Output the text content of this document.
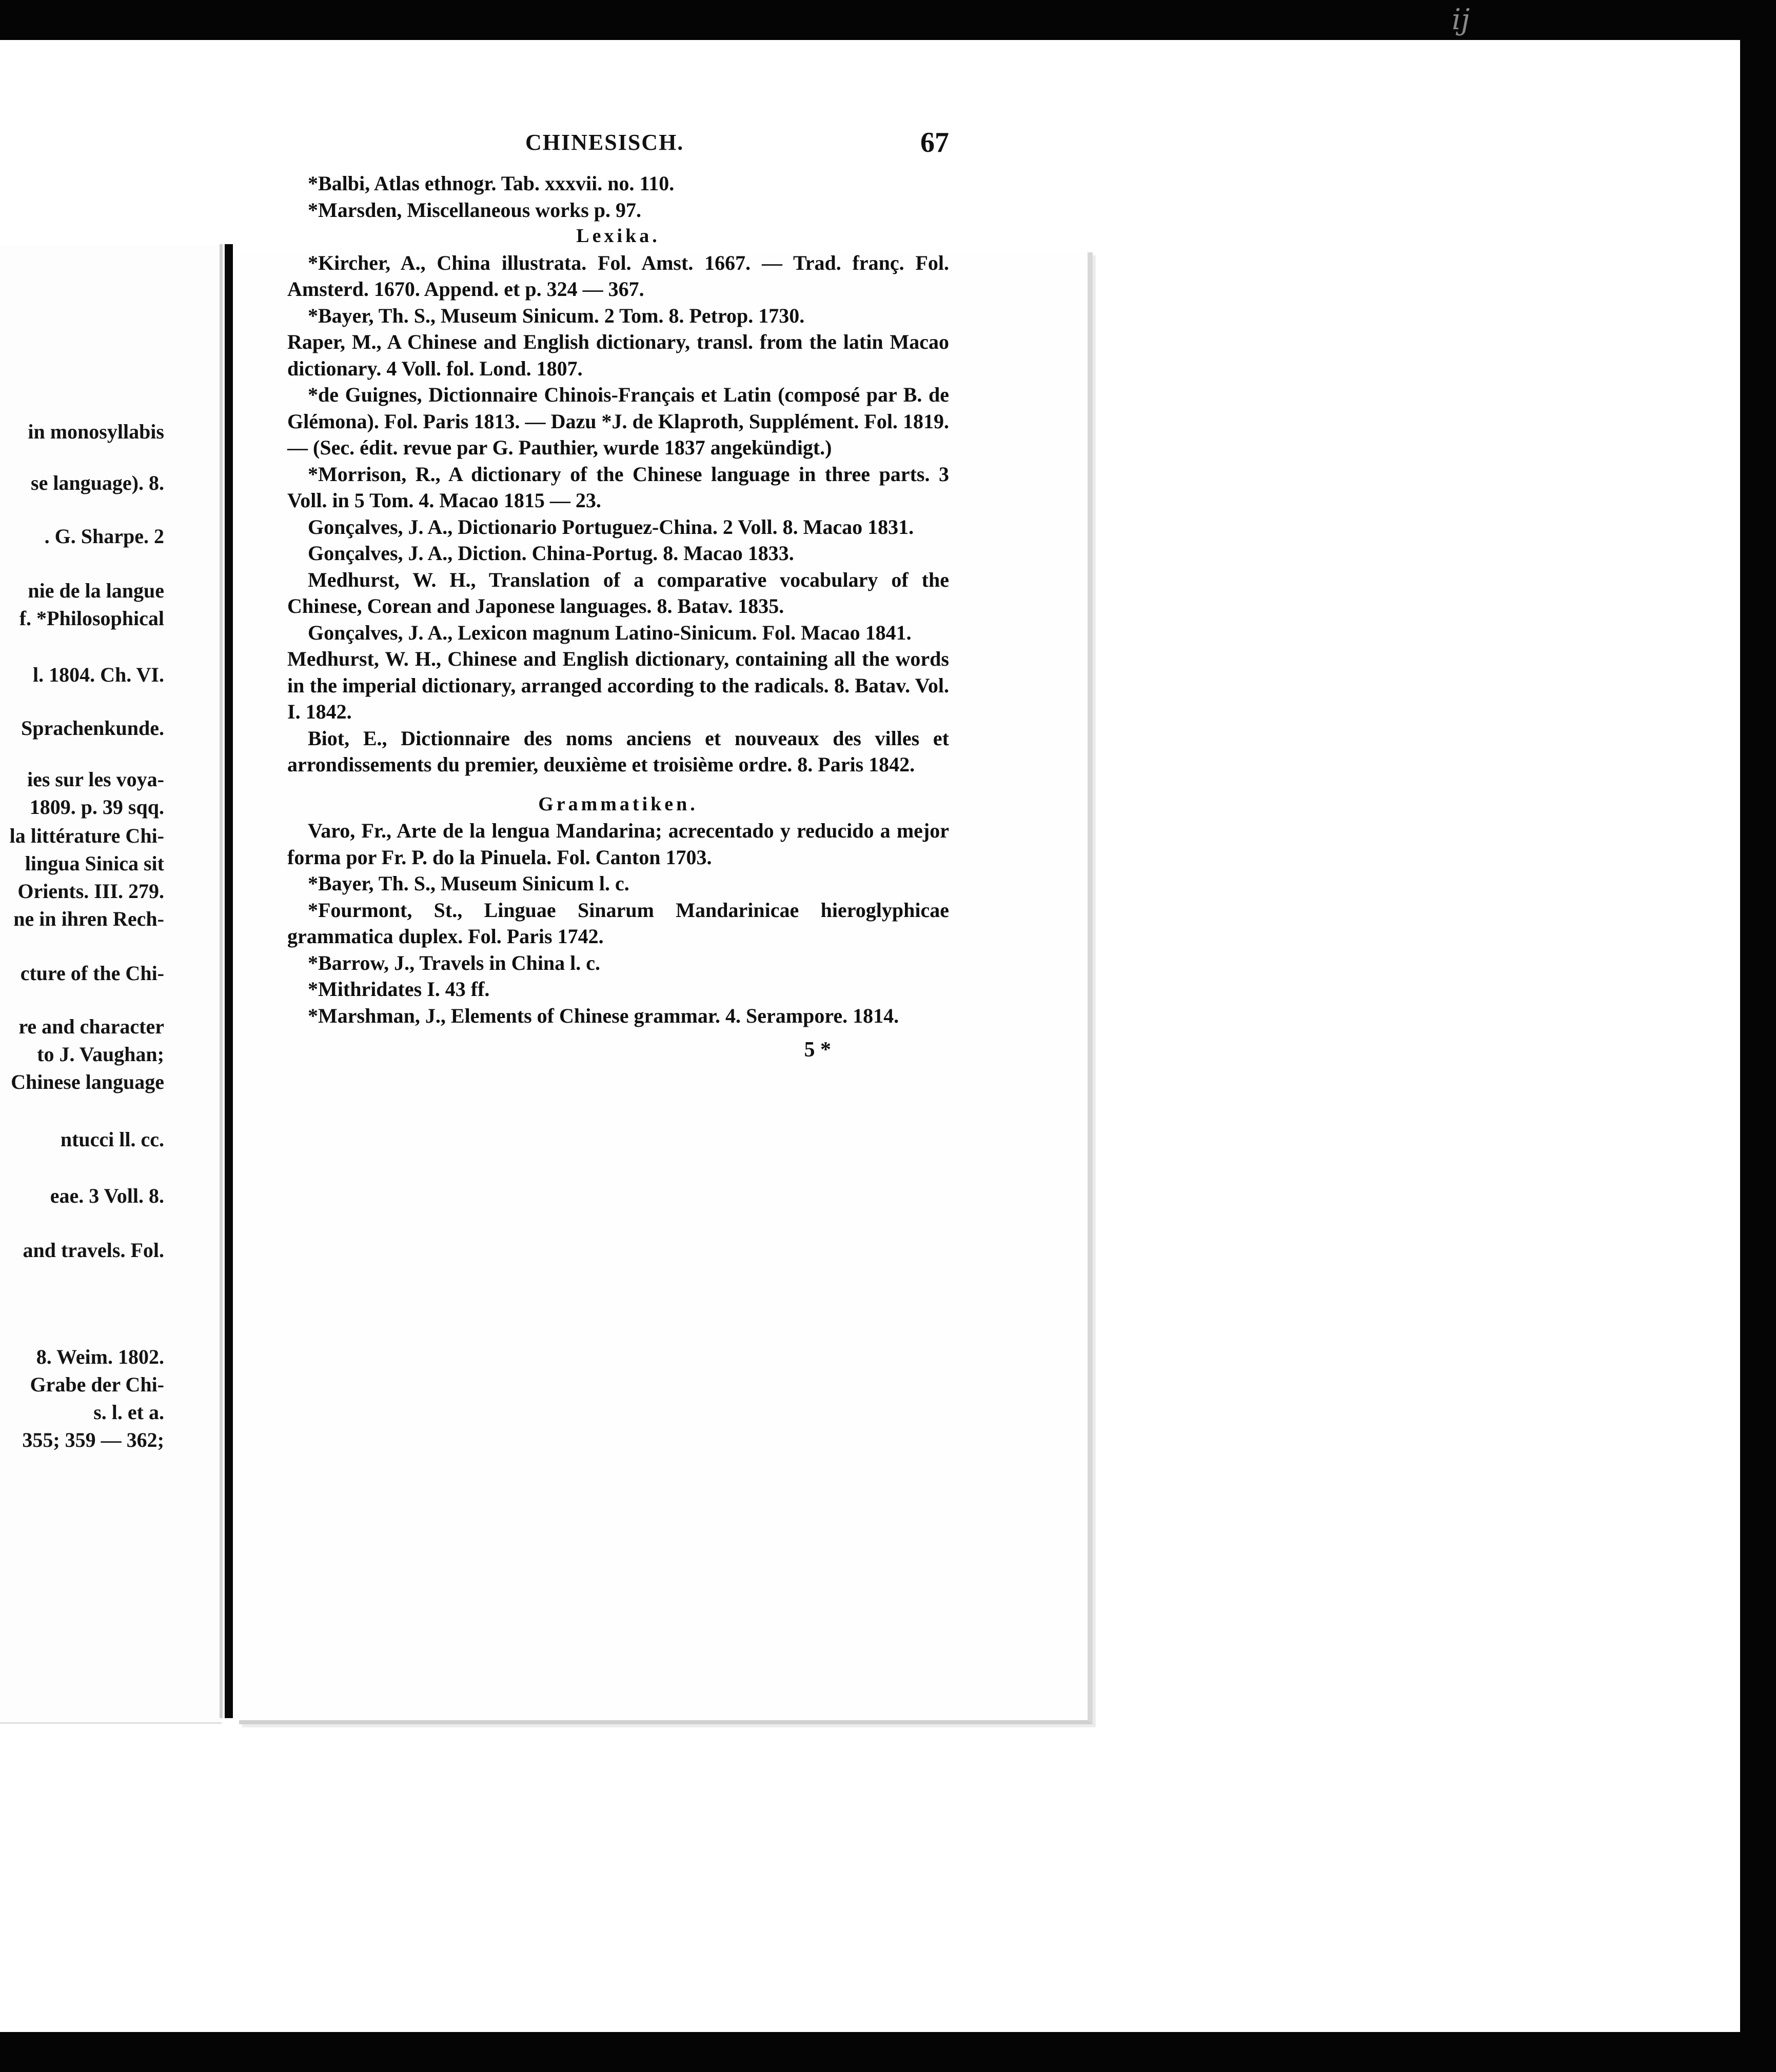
ij
in monosyllabis
se language). 8.
. G. Sharpe. 2
nie de la langue
f. *Philosophical
l. 1804. Ch. VI.
Sprachenkunde.
ies sur les voya-
1809. p. 39 sqq.
la littérature Chi-
lingua Sinica sit
Orients. III. 279.
ne in ihren Rech-
cture of the Chi-
re and character
to J. Vaughan;
Chinese language
ntucci ll. cc.
eae. 3 Voll. 8.
and travels. Fol.
8. Weim. 1802.
Grabe der Chi-
s. l. et a.
355; 359 — 362;
CHINESISCH.	67

*Balbi, Atlas ethnogr. Tab. xxxvii. no. 110.

*Marsden, Miscellaneous works p. 97.

Lexika.

*Kircher, A., China illustrata. Fol. Amst. 1667. — Trad. franç. Fol. Amsterd. 1670. Append. et p. 324 — 367.

*Bayer, Th. S., Museum Sinicum. 2 Tom. 8. Petrop. 1730.

Raper, M., A Chinese and English dictionary, transl. from the latin Macao dictionary. 4 Voll. fol. Lond. 1807.

*de Guignes, Dictionnaire Chinois-Français et Latin (composé par B. de Glémona). Fol. Paris 1813. — Dazu *J. de Klaproth, Supplément. Fol. 1819. — (Sec. édit. revue par G. Pauthier, wurde 1837 angekündigt.)

*Morrison, R., A dictionary of the Chinese language in three parts. 3 Voll. in 5 Tom. 4. Macao 1815 — 23.

Gonçalves, J. A., Dictionario Portuguez-China. 2 Voll. 8. Macao 1831.

Gonçalves, J. A., Diction. China-Portug. 8. Macao 1833.

Medhurst, W. H., Translation of a comparative vocabulary of the Chinese, Corean and Japonese languages. 8. Batav. 1835.

Gonçalves, J. A., Lexicon magnum Latino-Sinicum. Fol. Macao 1841.

Medhurst, W. H., Chinese and English dictionary, containing all the words in the imperial dictionary, arranged according to the radicals. 8. Batav. Vol. I. 1842.

Biot, E., Dictionnaire des noms anciens et nouveaux des villes et arrondissements du premier, deuxième et troisième ordre. 8. Paris 1842.

Grammatiken.

Varo, Fr., Arte de la lengua Mandarina; acrecentado y reducido a mejor forma por Fr. P. do la Pinuela. Fol. Canton 1703.

*Bayer, Th. S., Museum Sinicum l. c.

*Fourmont, St., Linguae Sinarum Mandarinicae hieroglyphicae grammatica duplex. Fol. Paris 1742.

*Barrow, J., Travels in China l. c.

*Mithridates I. 43 ff.

*Marshman, J., Elements of Chinese grammar. 4. Serampore. 1814.

5 *
